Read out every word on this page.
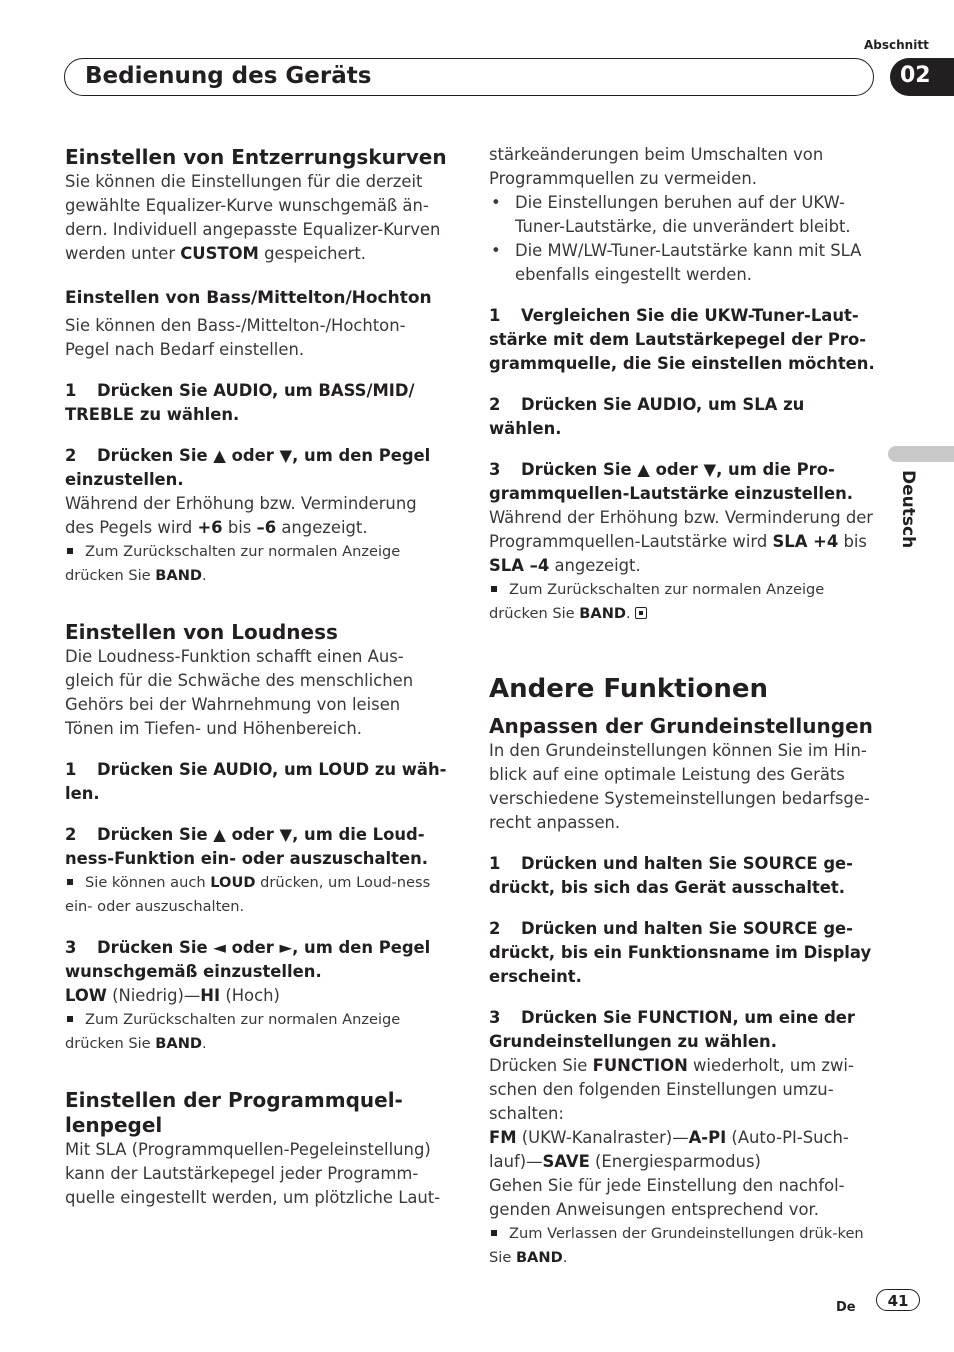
Abschnitt
Bedienung des Geräts	02
Deutsch
Einstellen von Entzerrungskurven

Sie können die Einstellungen für die derzeit gewählte Equalizer-Kurve wunschgemäß än-dern. Individuell angepasste Equalizer-Kurven werden unter CUSTOM gespeichert.

Einstellen von Bass/Mittelton/Hochton

Sie können den Bass-/Mittelton-/Hochton-Pegel nach Bedarf einstellen.

1 Drücken Sie AUDIO, um BASS/MID/ TREBLE zu wählen.

2 Drücken Sie ▲ oder ▼, um den Pegel einzustellen.

Während der Erhöhung bzw. Verminderung des Pegels wird +6 bis –6 angezeigt.

Zum Zurückschalten zur normalen Anzeige drücken Sie BAND.

Einstellen von Loudness

Die Loudness-Funktion schafft einen Aus-gleich für die Schwäche des menschlichen Gehörs bei der Wahrnehmung von leisen Tönen im Tiefen- und Höhenbereich.

1 Drücken Sie AUDIO, um LOUD zu wäh-len.

2 Drücken Sie ▲ oder ▼, um die Loud-ness-Funktion ein- oder auszuschalten.

Sie können auch LOUD drücken, um Loud-ness ein- oder auszuschalten.

3 Drücken Sie ◄ oder ►, um den Pegel wunschgemäß einzustellen.

LOW (Niedrig)—HI (Hoch)

Zum Zurückschalten zur normalen Anzeige drücken Sie BAND.

Einstellen der Programmquel-lenpegel

Mit SLA (Programmquellen-Pegeleinstellung) kann der Lautstärkepegel jeder Programm-quelle eingestellt werden, um plötzliche Laut-

stärkeänderungen beim Umschalten von Programmquellen zu vermeiden.

• Die Einstellungen beruhen auf der UKW-Tuner-Lautstärke, die unverändert bleibt.

• Die MW/LW-Tuner-Lautstärke kann mit SLA ebenfalls eingestellt werden.

1 Vergleichen Sie die UKW-Tuner-Laut-stärke mit dem Lautstärkepegel der Pro-grammquelle, die Sie einstellen möchten.

2 Drücken Sie AUDIO, um SLA zu wählen.

3 Drücken Sie ▲ oder ▼, um die Pro-grammquellen-Lautstärke einzustellen.

Während der Erhöhung bzw. Verminderung der Programmquellen-Lautstärke wird SLA +4 bis SLA –4 angezeigt.

Zum Zurückschalten zur normalen Anzeige drücken Sie BAND.

Andere Funktionen
Anpassen der Grundeinstellungen

In den Grundeinstellungen können Sie im Hin-blick auf eine optimale Leistung des Geräts verschiedene Systemeinstellungen bedarfsge-recht anpassen.

1 Drücken und halten Sie SOURCE ge-drückt, bis sich das Gerät ausschaltet.

2 Drücken und halten Sie SOURCE ge-drückt, bis ein Funktionsname im Display erscheint.

3 Drücken Sie FUNCTION, um eine der Grundeinstellungen zu wählen.

Drücken Sie FUNCTION wiederholt, um zwi-schen den folgenden Einstellungen umzu-schalten:

FM (UKW-Kanalraster)—A-PI (Auto-PI-Such-lauf)—SAVE (Energiesparmodus)

Gehen Sie für jede Einstellung den nachfol-genden Anweisungen entsprechend vor.

Zum Verlassen der Grundeinstellungen drük-ken Sie BAND.

De	41
